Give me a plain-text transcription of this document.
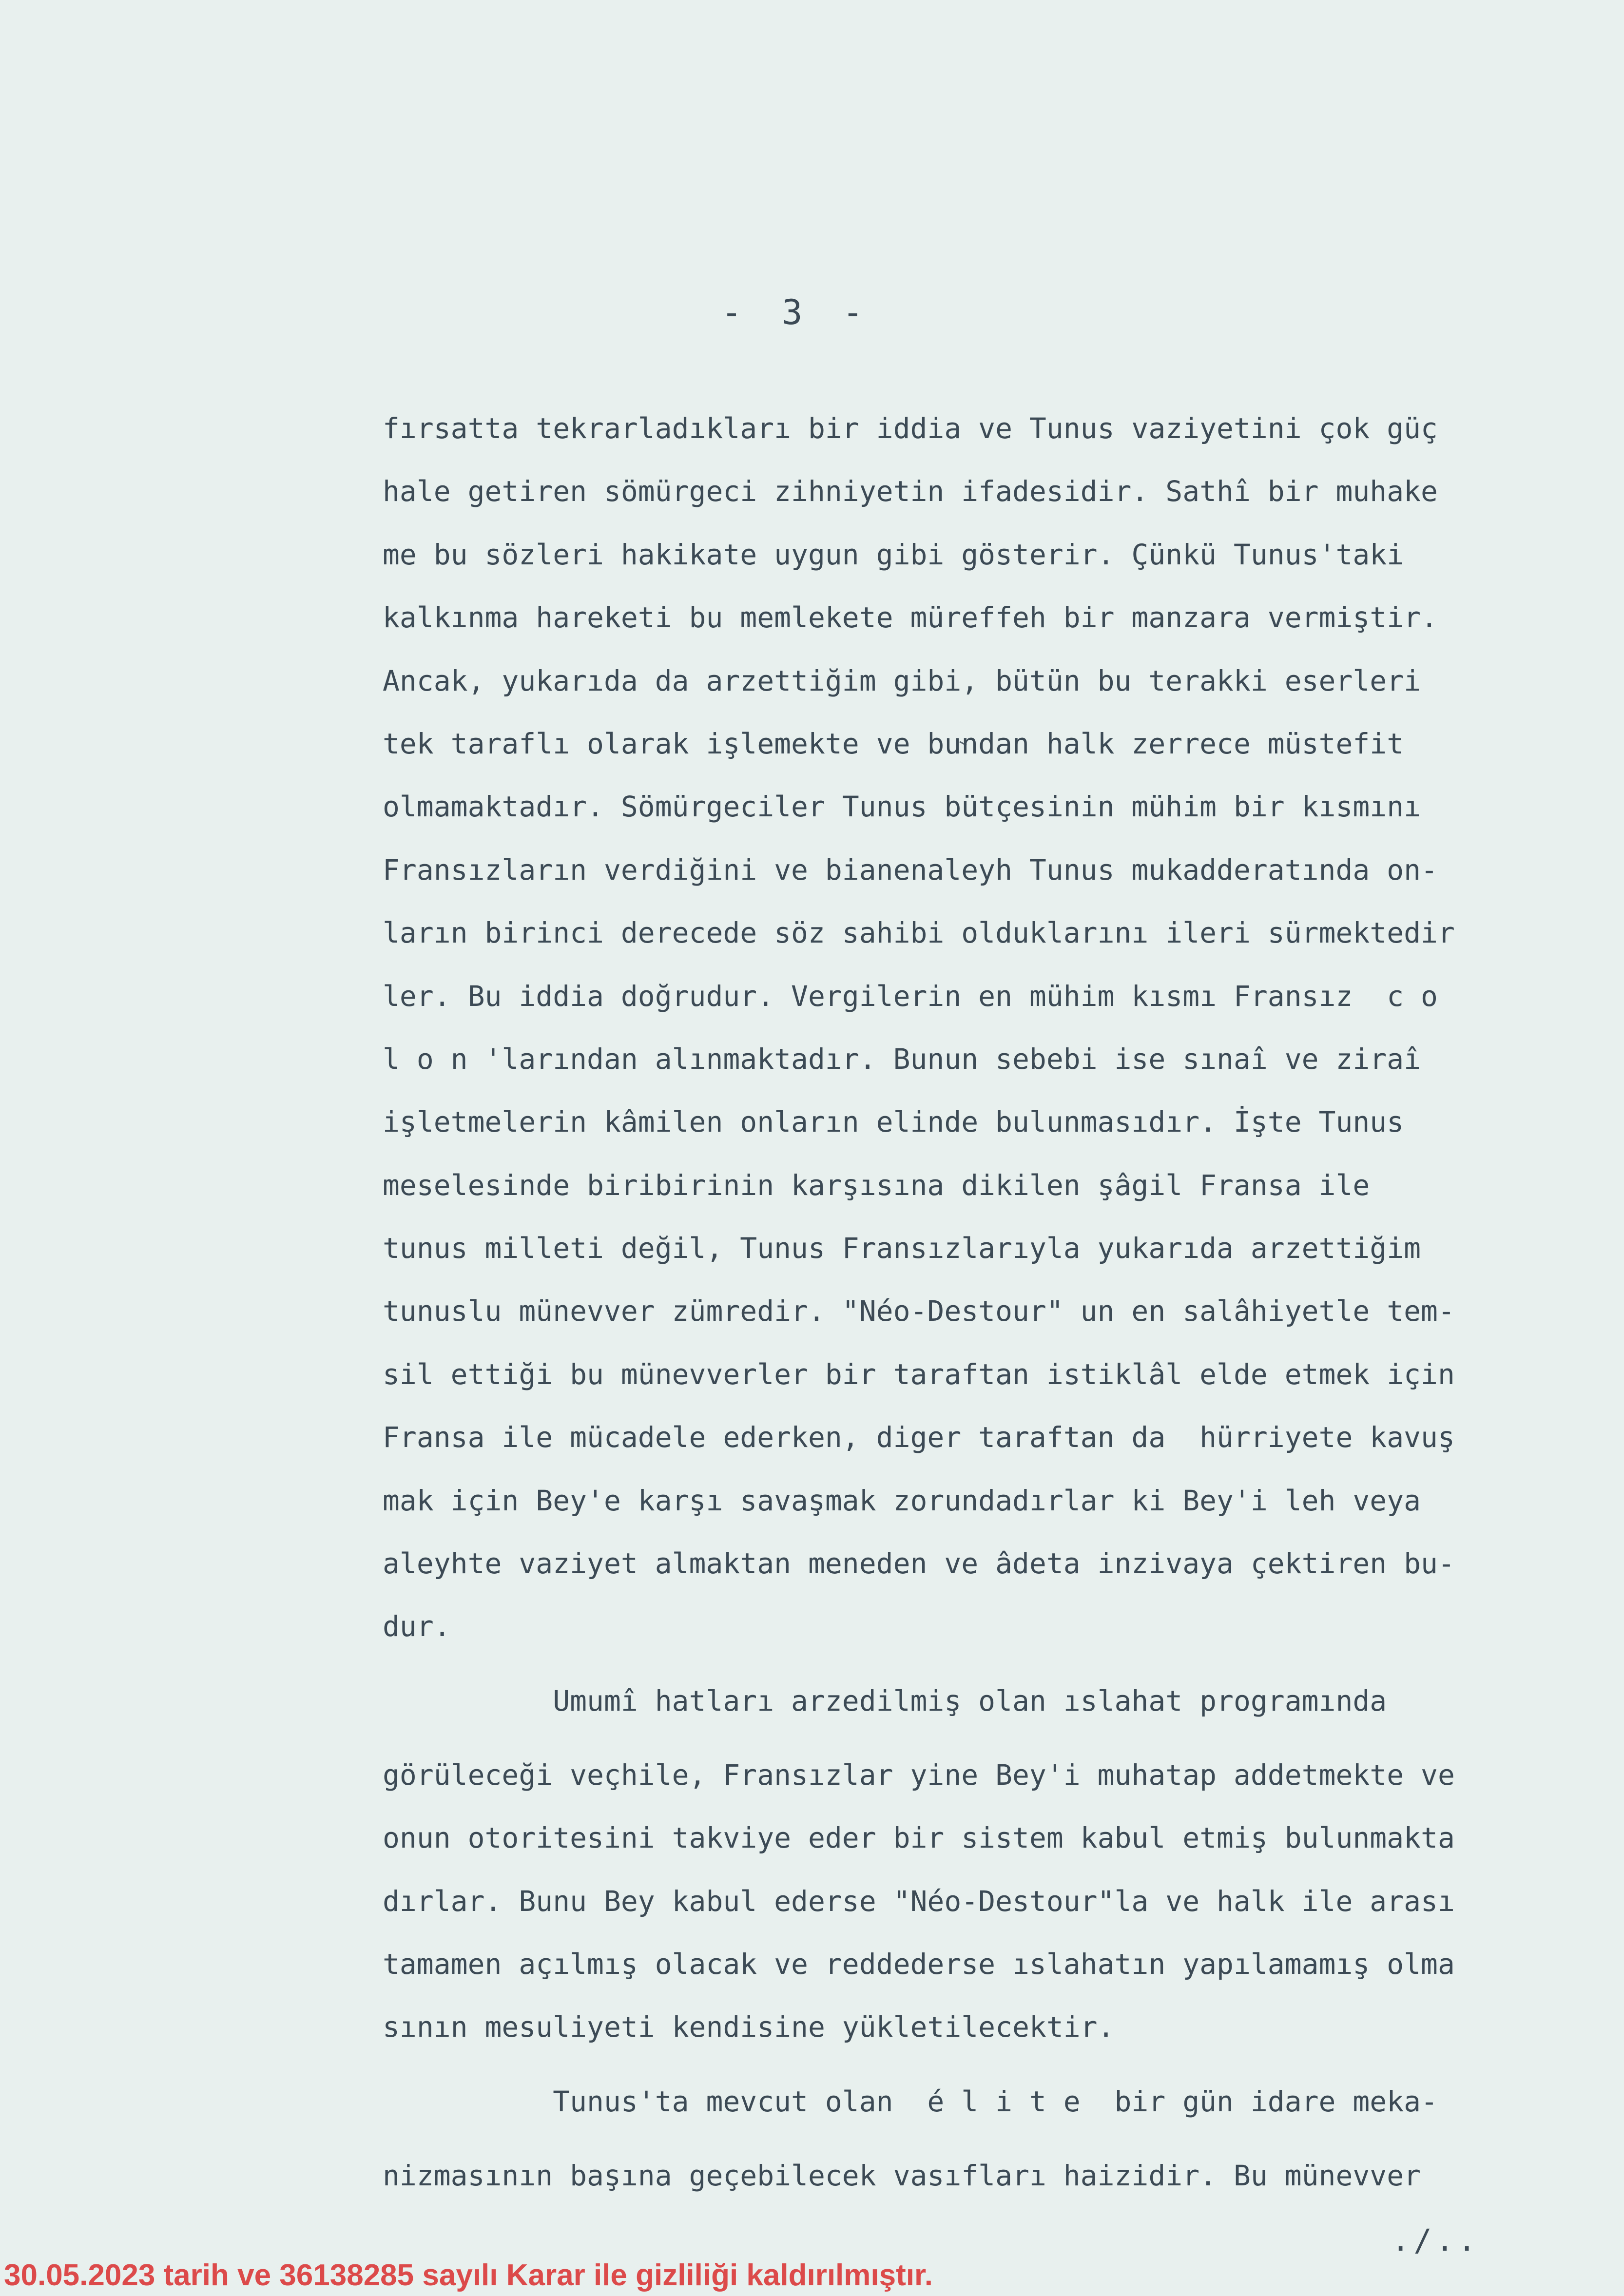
- 3 -
fırsatta tekrarladıkları bir iddia ve Tunus vaziyetini çok güç
hale getiren sömürgeci zihniyetin ifadesidir. Sathî bir muhake
me bu sözleri hakikate uygun gibi gösterir. Çünkü Tunus'taki
kalkınma hareketi bu memlekete müreffeh bir manzara vermiştir.
Ancak, yukarıda da arzettiğim gibi, bütün bu terakki eserleri
tek taraflı olarak işlemekte ve bundan halk zerrece müstefit
olmamaktadır. Sömürgeciler Tunus bütçesinin mühim bir kısmını
Fransızların verdiğini ve bianenaleyh Tunus mukadderatında on-
ların birinci derecede söz sahibi olduklarını ileri sürmektedir
ler. Bu iddia doğrudur. Vergilerin en mühim kısmı Fransız  c o
l o n 'larından alınmaktadır. Bunun sebebi ise sınaî ve ziraî
işletmelerin kâmilen onların elinde bulunmasıdır. İşte Tunus
meselesinde biribirinin karşısına dikilen şâgil Fransa ile
tunus milleti değil, Tunus Fransızlarıyla yukarıda arzettiğim
tunuslu münevver zümredir. "Néo-Destour" un en salâhiyetle tem-
sil ettiği bu münevverler bir taraftan istiklâl elde etmek için
Fransa ile mücadele ederken, diger taraftan da  hürriyete kavuş
mak için Bey'e karşı savaşmak zorundadırlar ki Bey'i leh veya
aleyhte vaziyet almaktan meneden ve âdeta inzivaya çektiren bu-
dur.
Umumî hatları arzedilmiş olan ıslahat programında
görüleceği veçhile, Fransızlar yine Bey'i muhatap addetmekte ve
onun otoritesini takviye eder bir sistem kabul etmiş bulunmakta
dırlar. Bunu Bey kabul ederse "Néo-Destour"la ve halk ile arası
tamamen açılmış olacak ve reddederse ıslahatın yapılamamış olma
sının mesuliyeti kendisine yükletilecektir.
Tunus'ta mevcut olan  é l i t e  bir gün idare meka-
nizmasının başına geçebilecek vasıfları haizidir. Bu münevver
./..
30.05.2023 tarih ve 36138285 sayılı Karar ile gizliliği kaldırılmıştır.
